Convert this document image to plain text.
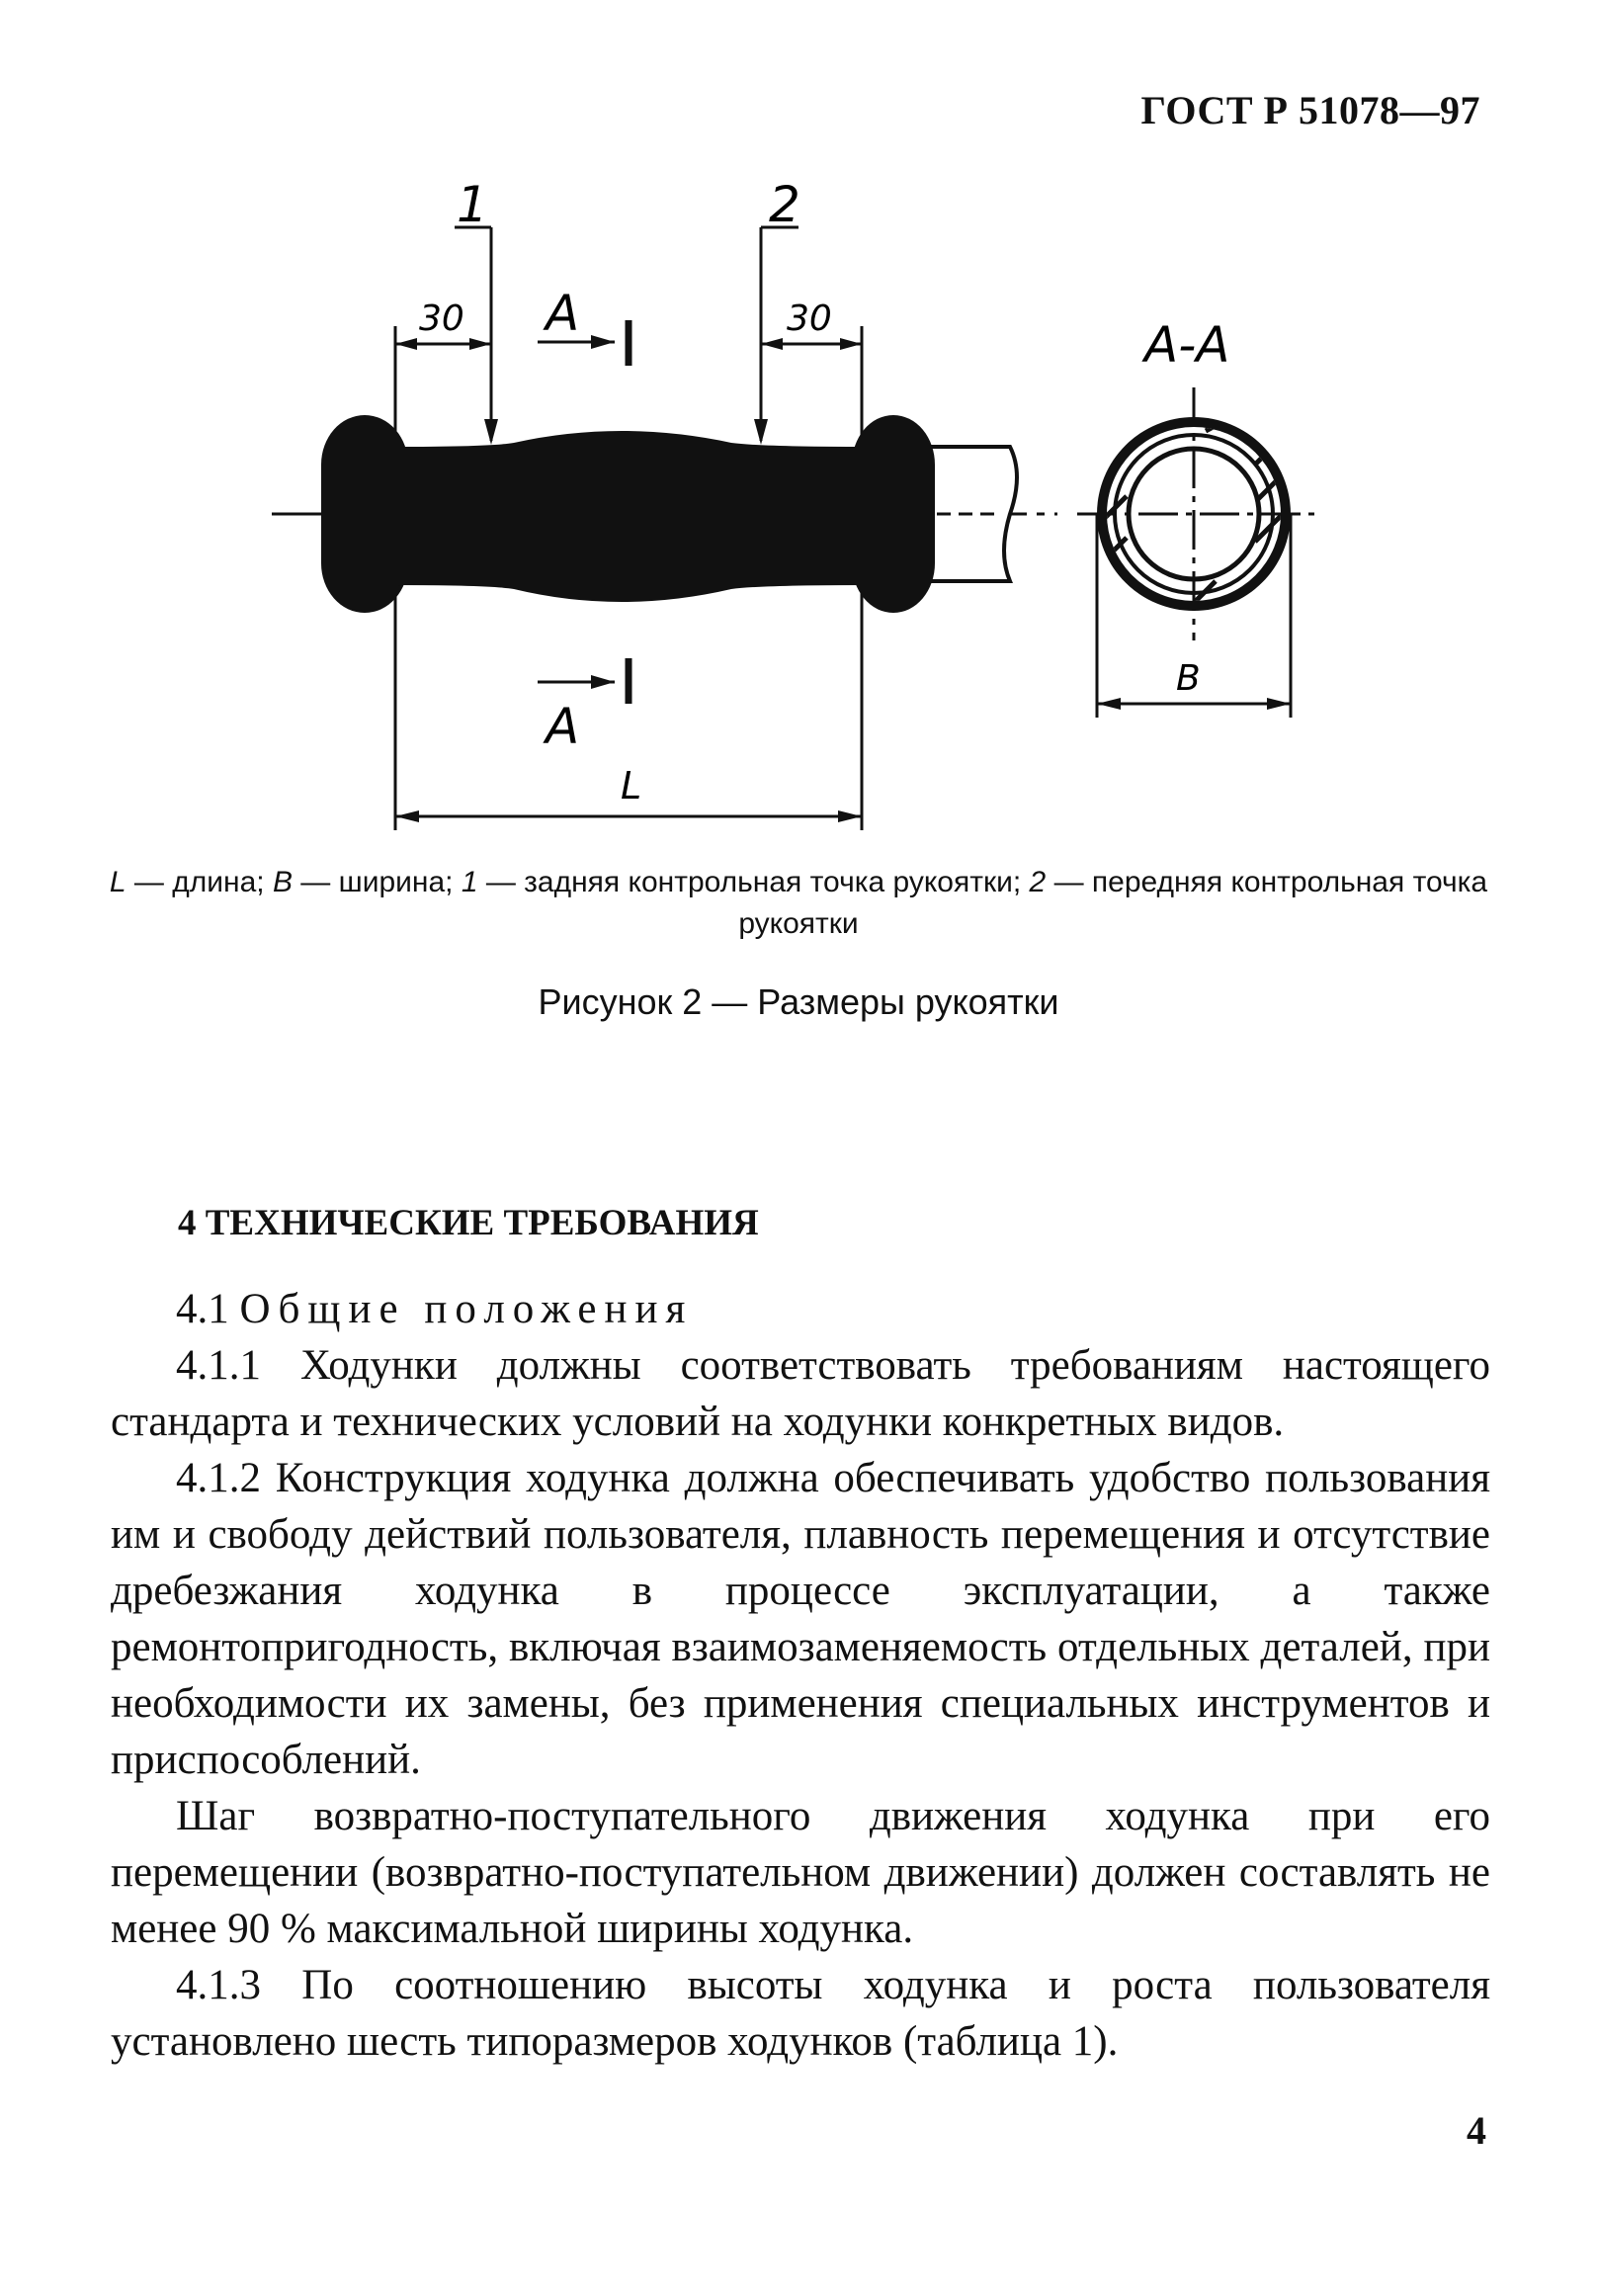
ГОСТ Р 51078—97
1	2
30	30
L
A
A
A-A
B
L — длина; B — ширина; 1 — задняя контрольная точка рукоятки; 2 — передняя контрольная точка рукоятки
Рисунок 2 — Размеры рукоятки
4 ТЕХНИЧЕСКИЕ ТРЕБОВАНИЯ

4.1 Общие положения

4.1.1 Ходунки должны соответствовать требованиям настоящего стандарта и технических условий на ходунки конкретных видов.

4.1.2 Конструкция ходунка должна обеспечивать удобство пользования им и свободу действий пользователя, плавность перемещения и отсутствие дребезжания ходунка в процессе эксплуатации, а также ремонтопригодность, включая взаимозаменяемость отдельных деталей, при необходимости их замены, без применения специальных инструментов и приспособлений.

Шаг возвратно-поступательного движения ходунка при его перемещении (возвратно-поступательном движении) должен составлять не менее 90 % максимальной ширины ходунка.

4.1.3 По соотношению высоты ходунка и роста пользователя установлено шесть типоразмеров ходунков (таблица 1).

4
